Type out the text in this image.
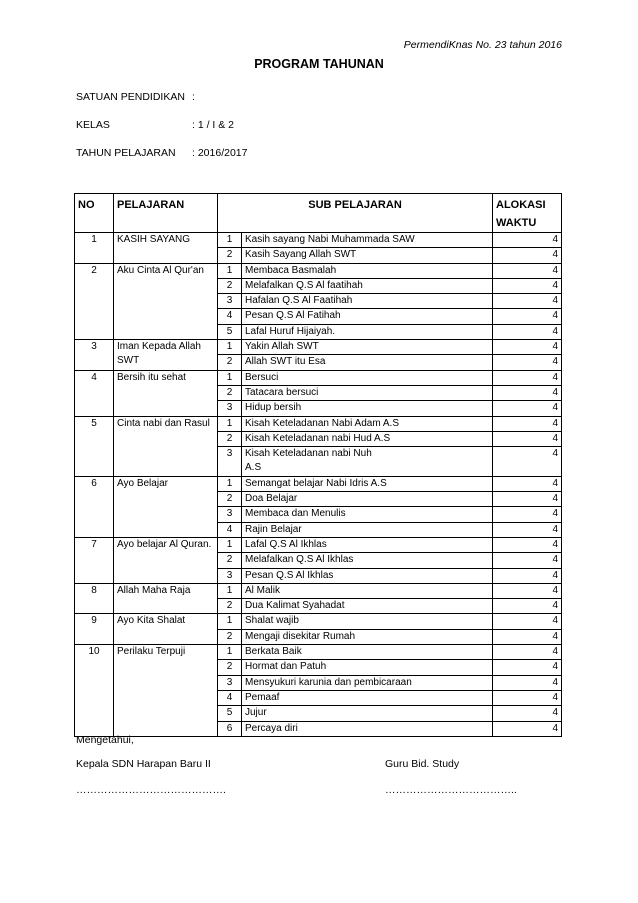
PermendiKnas No. 23 tahun 2016
PROGRAM TAHUNAN
SATUAN PENDIDIKAN :
KELAS	: 1 / I & 2
TAHUN PELAJARAN : 2016/2017
NO	PELAJARAN	SUB PELAJARAN		ALOKASI WAKTU
1	KASIH SAYANG	1	Kasih sayang Nabi Muhammada SAW	4
		2	Kasih Sayang Allah SWT	4
2	Aku Cinta Al Qur'an	1	Membaca Basmalah	4
		2	Melafalkan Q.S Al faatihah	4
		3	Hafalan Q.S Al Faatihah	4
		4	Pesan Q.S Al Fatihah	4
		5	Lafal Huruf Hijaiyah.	4
3	Iman Kepada Allah SWT	1	Yakin Allah SWT	4
		2	Allah SWT itu Esa	4
4	Bersih itu sehat	1	Bersuci	4
		2	Tatacara bersuci	4
		3	Hidup bersih	4
5	Cinta nabi dan Rasul	1	Kisah Keteladanan Nabi Adam A.S	4
		2	Kisah Keteladanan nabi Hud A.S	4
		3	Kisah Keteladanan nabi Nuh A.S	4
6	Ayo Belajar	1	Semangat belajar Nabi Idris A.S	4
		2	Doa Belajar	4
		3	Membaca dan Menulis	4
		4	Rajin Belajar	4
7	Ayo belajar Al Quran.	1	Lafal Q.S Al Ikhlas	4
		2	Melafalkan Q.S Al Ikhlas	4
		3	Pesan Q.S Al Ikhlas	4
8	Allah Maha Raja	1	Al Malik	4
		2	Dua Kalimat Syahadat	4
9	Ayo Kita Shalat	1	Shalat wajib	4
		2	Mengaji disekitar Rumah	4
10	Perilaku Terpuji	1	Berkata Baik	4
		2	Hormat dan Patuh	4
		3	Mensyukuri karunia dan pembicaraan	4
		4	Pemaaf	4
		5	Jujur	4
		6	Percaya diri	4
Mengetahui,
Kepala SDN Harapan Baru II	Guru Bid. Study
…………………………………….	………………………………..
